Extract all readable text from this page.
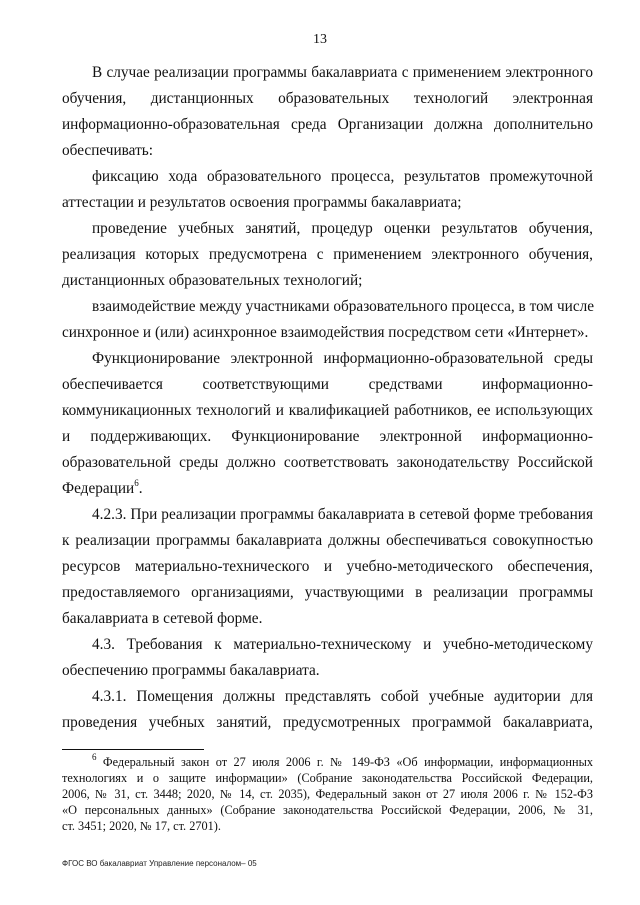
13
В случае реализации программы бакалавриата с применением электронного
обучения, дистанционных образовательных технологий электронная
информационно-образовательная среда Организации должна дополнительно
обеспечивать:
фиксацию хода образовательного процесса, результатов промежуточной
аттестации и результатов освоения программы бакалавриата;
проведение учебных занятий, процедур оценки результатов обучения,
реализация которых предусмотрена с применением электронного обучения,
дистанционных образовательных технологий;
взаимодействие между участниками образовательного процесса, в том числе
синхронное и (или) асинхронное взаимодействия посредством сети «Интернет».
Функционирование электронной информационно-образовательной среды
обеспечивается соответствующими средствами информационно-
коммуникационных технологий и квалификацией работников, ее использующих
и поддерживающих. Функционирование электронной информационно-
образовательной среды должно соответствовать законодательству Российской
Федерации$^6$.
4.2.3. При реализации программы бакалавриата в сетевой форме требования
к реализации программы бакалавриата должны обеспечиваться совокупностью
ресурсов материально-технического и учебно-методического обеспечения,
предоставляемого организациями, участвующими в реализации программы
бакалавриата в сетевой форме.
4.3. Требования к материально-техническому и учебно-методическому
обеспечению программы бакалавриата.
4.3.1. Помещения должны представлять собой учебные аудитории для
проведения учебных занятий, предусмотренных программой бакалавриата,
$^6$ Федеральный закон от 27 июля 2006 г. № 149-ФЗ «Об информации, информационных
технологиях и о защите информации» (Собрание законодательства Российской Федерации,
2006, № 31, ст. 3448; 2020, № 14, ст. 2035), Федеральный закон от 27 июля 2006 г. № 152-ФЗ
«О персональных данных» (Собрание законодательства Российской Федерации, 2006, № 31,
ст. 3451; 2020, № 17, ст. 2701).
ФГОС ВО бакалавриат Управление персоналом– 05
